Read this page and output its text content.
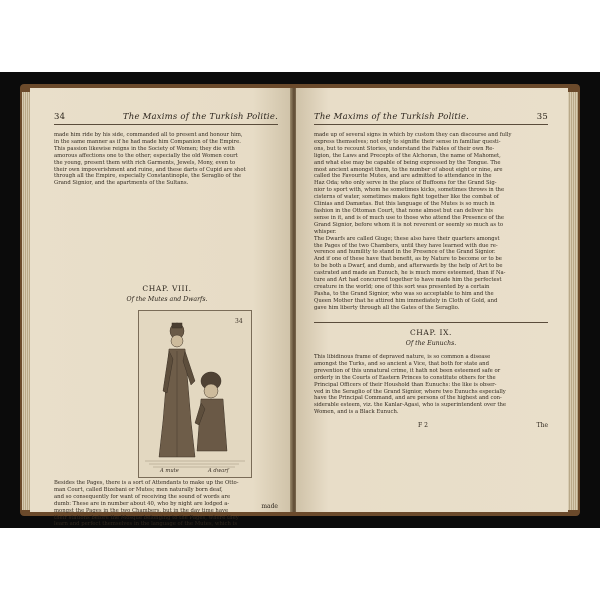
34	The Maxims of the Turkish Politie.

made him ride by his side, commanded all to present and honour him,

in the same manner as if he had made him Companion of the Empire.

This passion likewise reigns in the Society of Women; they die with

amorous affections one to the other; especially the old Women court

the young, present them with rich Garments, Jewels, Mony, even to

their own impoverishment and ruine, and these darts of Cupid are shot

through all the Empire, especially Constantinople, the Seraglio of the

Grand Signior, and the apartments of the Sultans.

CHAP. VIII.
Of the Mutes and Dwarfs.
34
A mute	A dwarf

Besides the Pages, there is a sort of Attendants to make up the Otto-

man Court, called Bizebani or Mutes; men naturally born deaf,

and so consequently for want of receiving the sound of words are

dumb: These are in number about 40, who by night are lodged a-

mongst the Pages in the two Chambers, but in the day time have

their stations before the Mosque belonging to the Pages, where they

learn and perfect themselves in the language of the Mutes, which is

made
The Maxims of the Turkish Politie.	35

made up of several signs in which by custom they can discourse and fully

express themselves; not only to signifie their sense in familiar questi-

ons, but to recount Stories, understand the Fables of their own Re-

ligion, the Laws and Precepts of the Alchoran, the name of Mahomet,

and what else may be capable of being expressed by the Tongue. The

most ancient amongst them, to the number of about eight or nine, are

called the Favourite Mutes, and are admitted to attendance in the

Haz Oda; who only serve in the place of Buffoons for the Grand Sig-

nior to sport with, whom he sometimes kicks, sometimes throws in the

cisterns of water, sometimes makes fight together like the combat of

Clinias and Damætas. But this language of the Mutes is so much in

fashion in the Ottoman Court, that none almost but can deliver his

sense in it, and is of much use to those who attend the Presence of the

Grand Signior, before whom it is not reverent or seemly so much as to

whisper.

The Dwarfs are called Giuge; these also have their quarters amongst

the Pages of the two Chambers, until they have learned with due re-

verence and humility to stand in the Presence of the Grand Signior.

And if one of these have that benefit, as by Nature to become or to be

to be both a Dwarf, and dumb, and afterwards by the help of Art to be

castrated and made an Eunuch, he is much more esteemed, than if Na-

ture and Art had concurred together to have made him the perfectest

creature in the world; one of this sort was presented by a certain

Pasha, to the Grand Signior, who was so acceptable to him and the

Queen Mother that he attired him immediately in Cloth of Gold, and

gave him liberty through all the Gates of the Seraglio.

CHAP. IX.
Of the Eunuchs.

This libidinous frame of depraved nature, is so common a disease

amongst the Turks, and so ancient a Vice, that both for state and

prevention of this unnatural crime, it hath not been esteemed safe or

orderly in the Courts of Eastern Princes to constitute others for the

Principal Officers of their Houshold than Eunuchs: the like is obser-

ved in the Seraglio of the Grand Signior, where two Eunuchs especially

have the Principal Command, and are persons of the highest and con-

siderable esteem, viz. the Kanlar-Agasi, who is superintendent over the

Women, and is a Black Eunuch.

F 2	The
